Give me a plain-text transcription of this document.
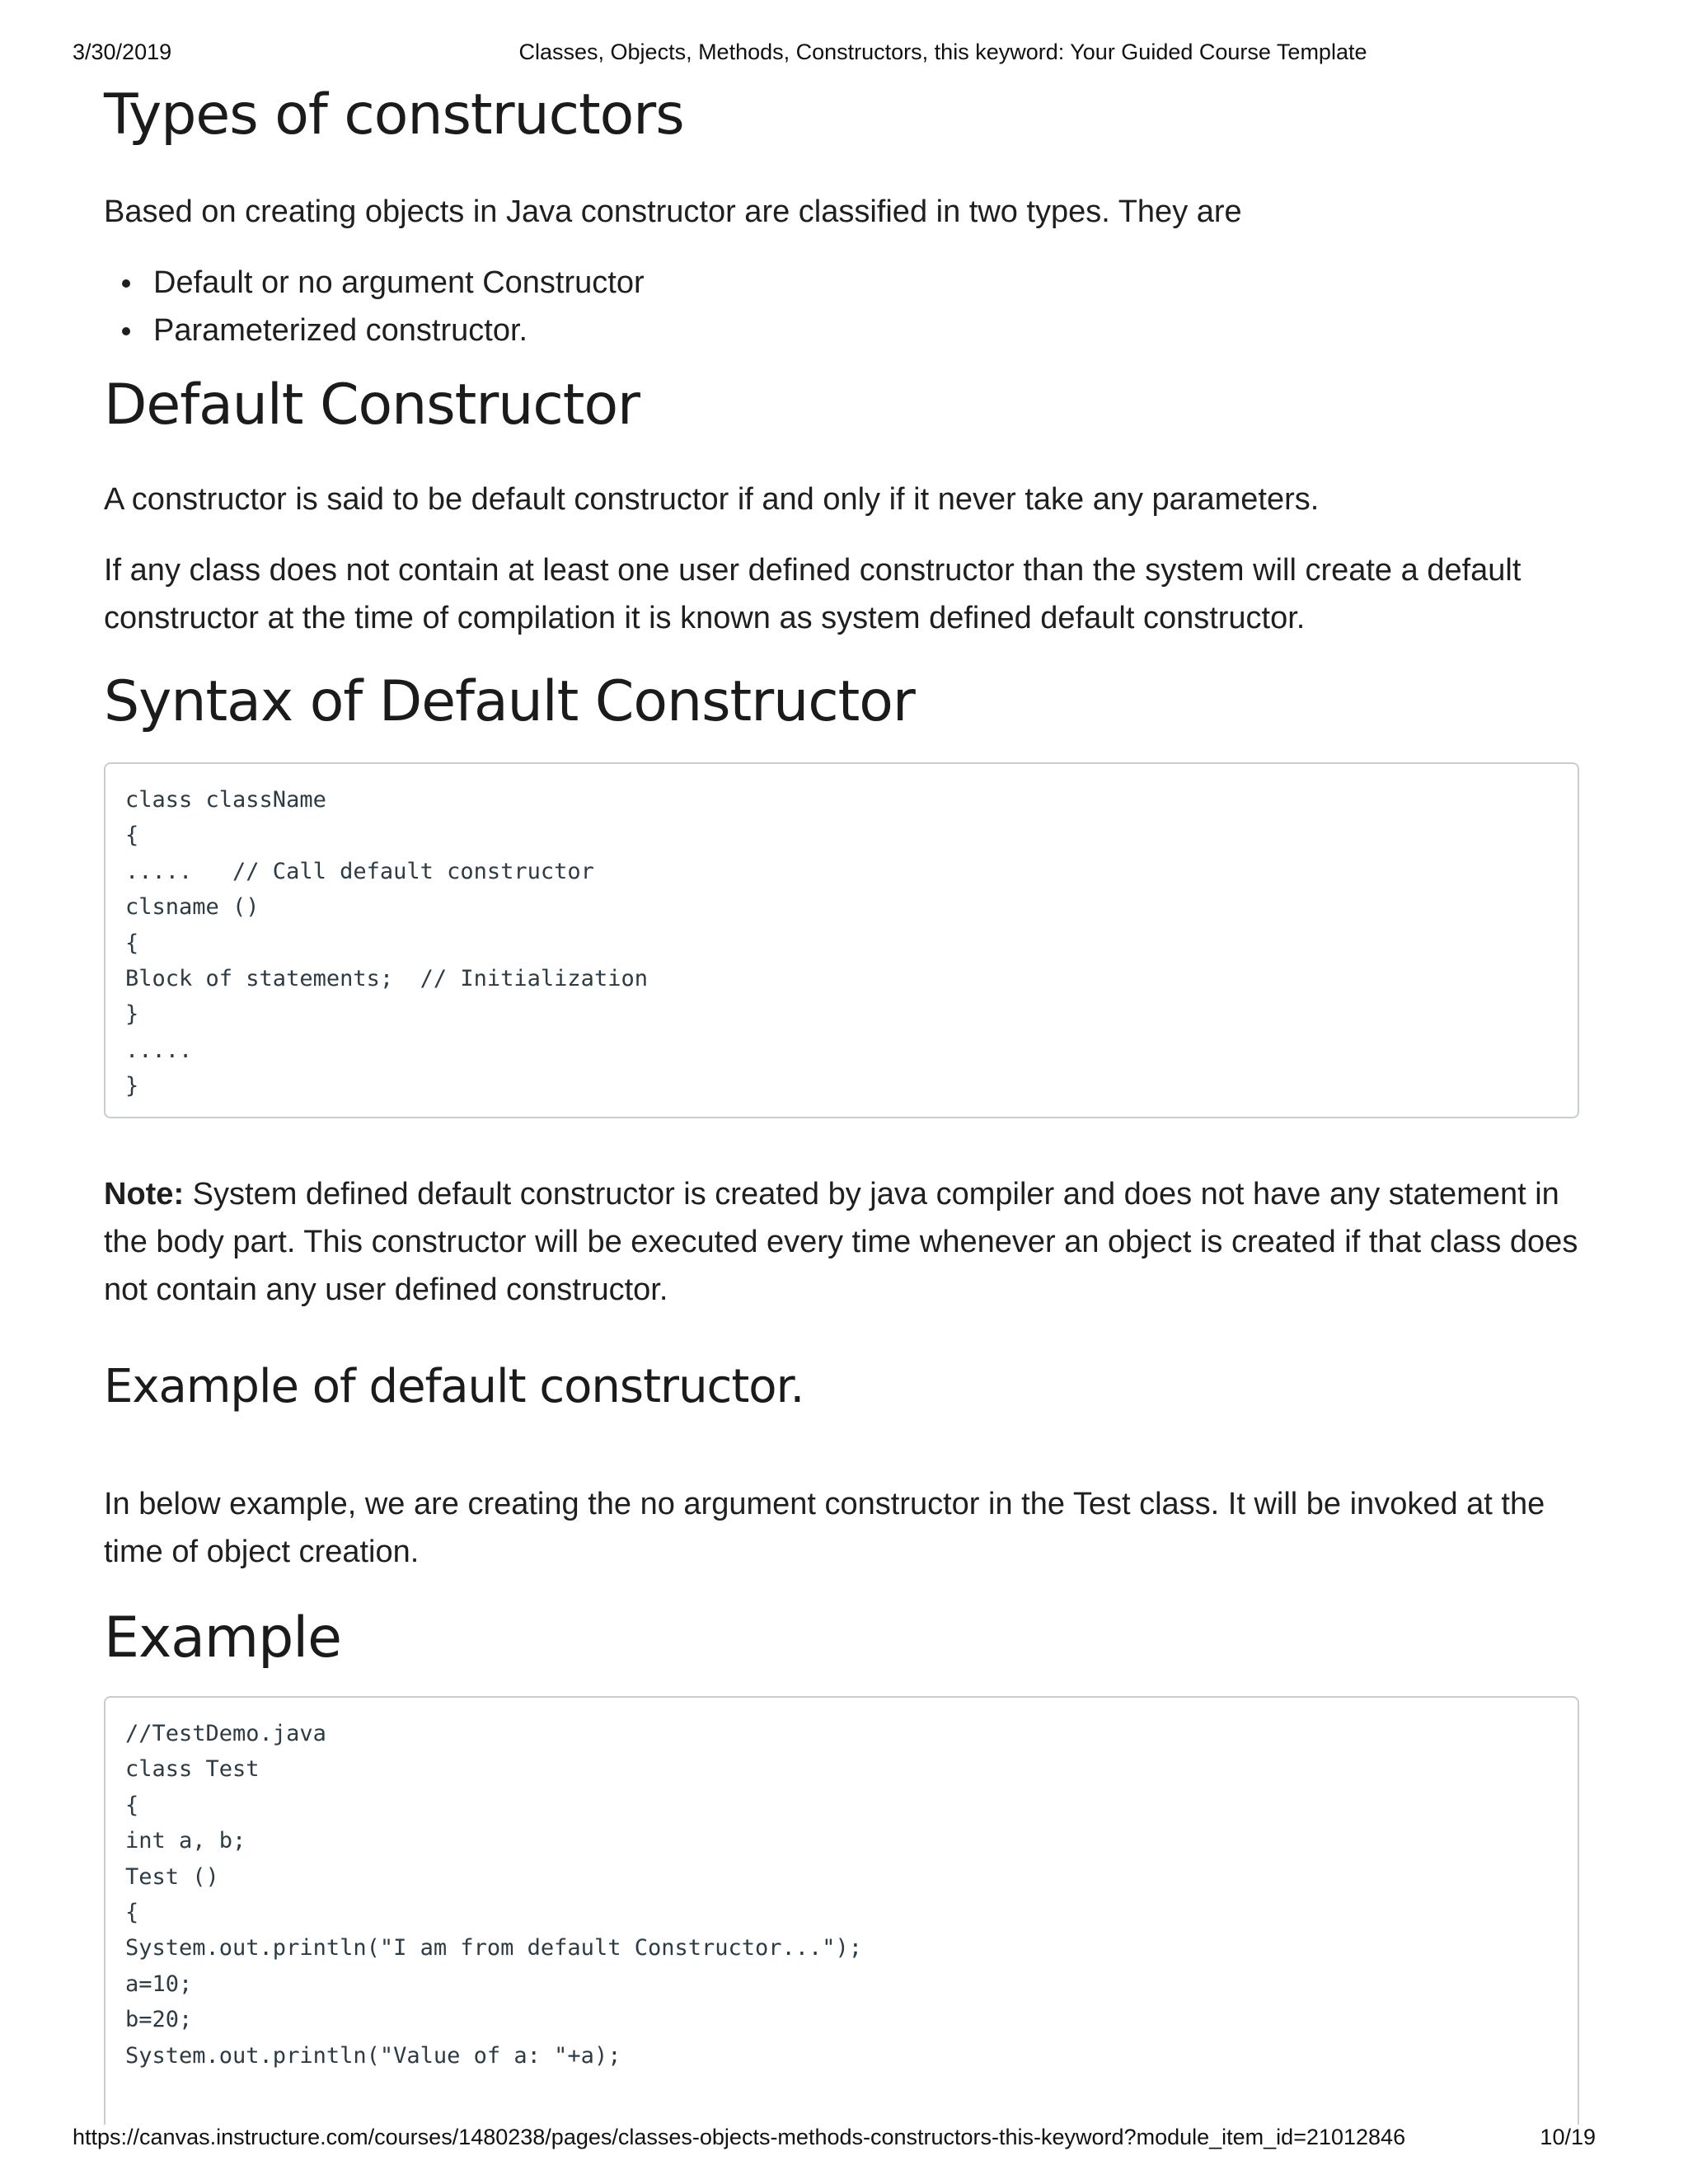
3/30/2019	Classes, Objects, Methods, Constructors, this keyword: Your Guided Course Template
Types of constructors

Based on creating objects in Java constructor are classified in two types. They are

Default or no argument Constructor
Parameterized constructor.
Default Constructor

A constructor is said to be default constructor if and only if it never take any parameters.

If any class does not contain at least one user defined constructor than the system will create a default constructor at the time of compilation it is known as system defined default constructor.

Syntax of Default Constructor
class className
{
.....   // Call default constructor
clsname ()
{
Block of statements;  // Initialization
}
.....
}

Note: System defined default constructor is created by java compiler and does not have any statement in the body part. This constructor will be executed every time whenever an object is created if that class does not contain any user defined constructor.

Example of default constructor.

In below example, we are creating the no argument constructor in the Test class. It will be invoked at the time of object creation.

Example
//TestDemo.java
class Test
{
int a, b;
Test ()
{
System.out.println("I am from default Constructor...");
a=10;
b=20;
System.out.println("Value of a: "+a);
https://canvas.instructure.com/courses/1480238/pages/classes-objects-methods-constructors-this-keyword?module_item_id=21012846	10/19
